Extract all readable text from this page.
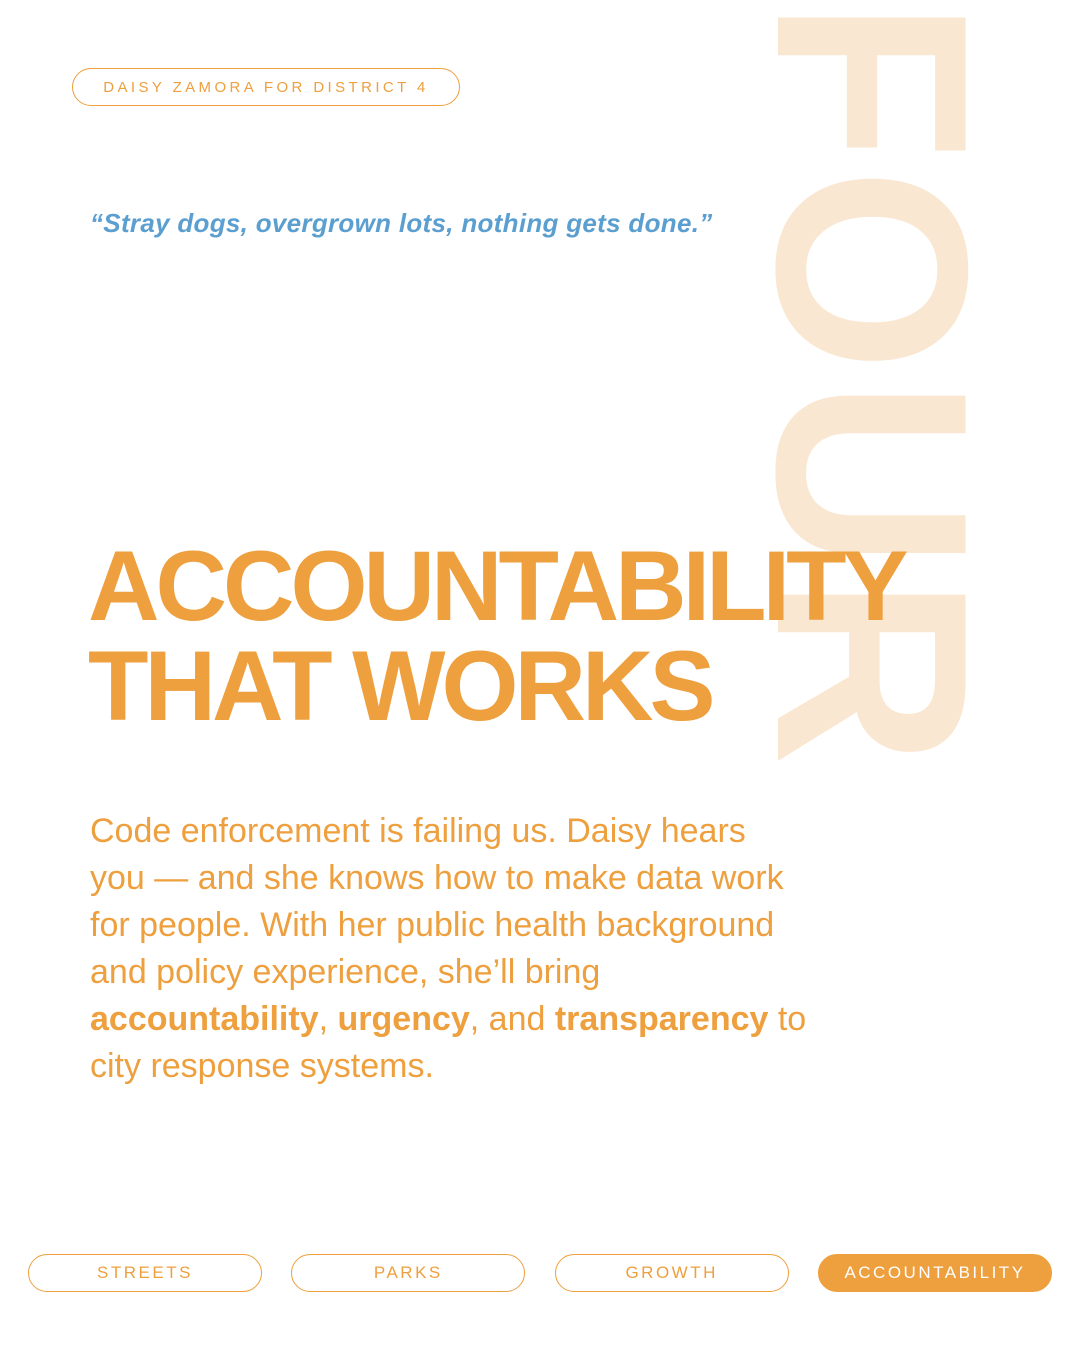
FOUR
DAISY ZAMORA FOR DISTRICT 4
“Stray dogs, overgrown lots, nothing gets done.”
ACCOUNTABILITY
THAT WORKS

Code enforcement is failing us. Daisy hears you — and she knows how to make data work for people. With her public health background and policy experience, she’ll bring accountability, urgency, and transparency to city response systems.

STREETS	PARKS	GROWTH	ACCOUNTABILITY
